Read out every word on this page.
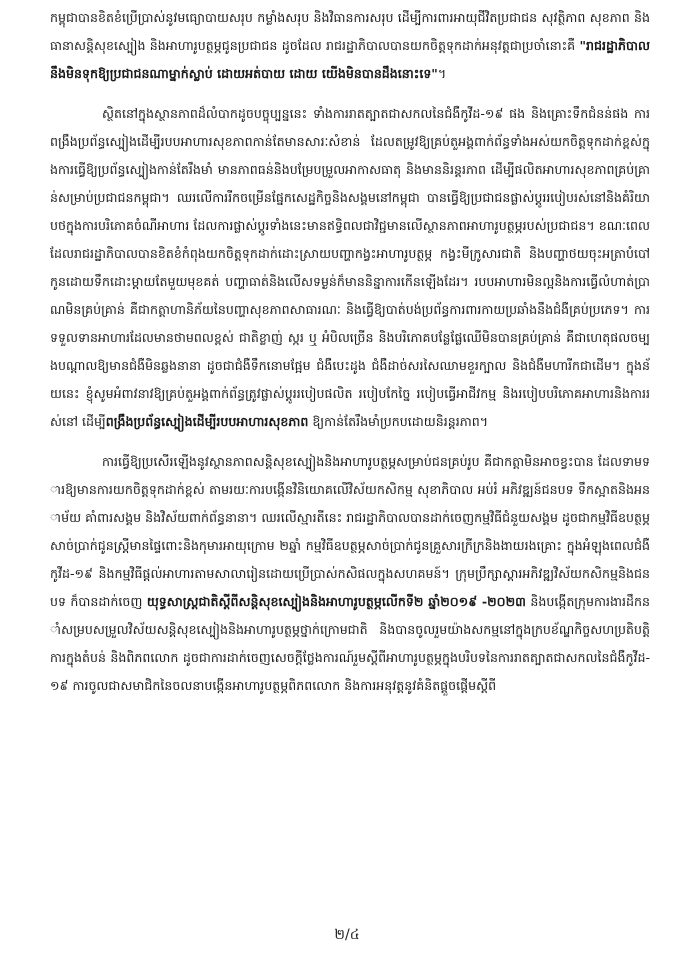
កម្ពុជាបានខិតខំប្រើប្រាស់នូវមធ្យោបាយសរុប កម្លាំងសរុប និងវិធានការសរុប ដើម្បីការពារអាយុជីវិតប្រជាជន សុវត្ថិភាព សុខភាព និងធានាសន្តិសុខស្បៀង និងអាហារូបត្ថម្ភជូនប្រជាជន ដូចដែល រាជរដ្ឋាភិបាលបានយកចិត្តទុកដាក់អនុវត្តជាប្រចាំនោះគឺ "រាជរដ្ឋាភិបាលនឹងមិនទុកឱ្យប្រជាជនណាម្នាក់ស្លាប់ ដោយអត់បាយ ដោយ យើងមិនបានដឹងនោះទេ"។

ស្ថិតនៅក្នុងស្ថានភាពដ៏លំបាកដូចបច្ចុប្បន្ននេះ ទាំងការរាតត្បាតជាសកលនៃជំងឺកូវីដ-១៩ ផង និងគ្រោះទឹកជំនន់ផង ការពង្រឹងប្រព័ន្ធស្បៀងដើម្បីរបបអាហារសុខភាពកាន់តែមានសារៈសំខាន់ ដែលតម្រូវឱ្យគ្រប់តួអង្គពាក់ព័ន្ធទាំងអស់យកចិត្តទុកដាក់ខ្ពស់ក្នុងការធ្វើឱ្យប្រព័ន្ធស្បៀងកាន់តែរឹងមាំ មានភាពធន់និងបម្រែបម្រួលអាកាសធាតុ និងមាននិរន្តរភាព ដើម្បីផលិតអាហារសុខភាពគ្រប់គ្រាន់សម្រាប់ប្រជាជនកម្ពុជា។ ឈរលើការរីកចម្រើនផ្នែកសេដ្ឋកិច្ចនិងសង្គមនៅកម្ពុជា បានធ្វើឱ្យប្រជាជនផ្លាស់ប្តូររបៀបរស់នៅនិងគំរិយាបថក្នុងការបរិភោគចំណីអាហារ ដែលការផ្លាស់ប្តូរទាំងនេះមានឥទ្ធិពលជាវិជ្ជមានលើស្ថានភាពអាហារូបត្ថម្ភរបស់ប្រជាជន។ ខណៈពេលដែលរាជរដ្ឋាភិបាលបានខិតខំកំពុងយកចិត្តទុកដាក់ដោះស្រាយបញ្ហាកង្វះអាហារូបត្ថម្ភ កង្វះមីក្រូសារជាតិ និងបញ្ហាថយចុះអត្រាបំបៅកូនដោយទឹកដោះម្តាយតែមួយមុខគត់ បញ្ហាធាត់និងលើសទម្ងន់ក៏មាននិន្នាការកើនឡើងដែរ។ របបអាហារមិនល្អនិងការធ្វើលំហាត់ប្រាណមិនគ្រប់គ្រាន់ គឺជាកត្តាហានិភ័យនៃបញ្ហាសុខភាពសាធារណៈ និងធ្វើឱ្យបាត់បង់ប្រព័ន្ធការពារកាយប្រឆាំងនឹងជំងឺគ្រប់ប្រភេទ។ ការទទួលទានអាហារដែលមានថាមពលខ្ពស់ ជាតិខ្លាញ់ ស្ករ ឬ អំបិលច្រើន និងបរិភោគបន្លែផ្លែឈើមិនបានគ្រប់គ្រាន់ គឺជាហេតុផលចម្បងបណ្តាលឱ្យមានជំងឺមិនឆ្លងនានា ដូចជាជំងឺទឹកនោមផ្អែម ជំងឺបេះដូង ជំងឺដាច់សរសៃឈាមខួរក្បាល និងជំងឺមហារីកជាដើម។ ក្នុងន័យនេះ ខ្ញុំសូមអំពាវនាវឱ្យគ្រប់តួអង្គពាក់ព័ន្ធត្រូវផ្លាស់ប្តូររបៀបផលិត របៀបកែច្នៃ របៀបធ្វើអាជីវកម្ម និងរបៀបបរិភោគអាហារនិងការរស់នៅ ដើម្បីពង្រឹងប្រព័ន្ធស្បៀងដើម្បីរបបអាហារសុខភាព ឱ្យកាន់តែរឹងមាំប្រកបដោយនិរន្តរភាព។

ការធ្វើឱ្យប្រសើរឡើងនូវស្ថានភាពសន្តិសុខស្បៀងនិងអាហារូបត្ថម្ភសម្រាប់ជនគ្រប់រូប គឺជាកត្តាមិនអាចខ្វះបាន ដែលទាមទារឱ្យមានការយកចិត្តទុកដាក់ខ្ពស់ តាមរយៈការបង្កើនវិនិយោគលើវិស័យកសិកម្ម សុខាភិបាល អប់រំ អភិវឌ្ឍន៍ជនបទ ទឹកស្អាតនិងអនាម័យ គាំពារសង្គម និងវិស័យពាក់ព័ន្ធនានា។ ឈរលើស្មារតីនេះ រាជរដ្ឋាភិបាលបានដាក់ចេញកម្មវិធីជំនួយសង្គម ដូចជាកម្មវិធីឧបត្ថម្ភសាច់ប្រាក់ជូនស្ត្រីមានផ្ទៃពោះនិងកុមារអាយុក្រោម ២ឆ្នាំ កម្មវិធីឧបត្ថម្ភសាច់ប្រាក់ជូនគ្រួសារក្រីក្រនិងងាយរងគ្រោះ ក្នុងអំឡុងពេលជំងឺកូវីដ-១៩ និងកម្មវិធីផ្តល់អាហារតាមសាលារៀនដោយប្រើប្រាស់កសិផលក្នុងសហគមន៍។ ក្រុមប្រឹក្សាស្តារអភិវឌ្ឍវិស័យកសិកម្មនិងជនបទ ក៏បានដាក់ចេញ យុទ្ធសាស្ត្រជាតិស្តីពីសន្តិសុខស្បៀងនិងអាហារូបត្ថម្ភលើកទី២ ឆ្នាំ២០១៩ -២០២៣ និងបង្កើតក្រុមការងារដឹកនាំសម្របសម្រួលវិស័យសន្តិសុខស្បៀងនិងអាហារូបត្ថម្ភថ្នាក់ក្រោមជាតិ និងបានចូលរួមយ៉ាងសកម្មនៅក្នុងក្របខ័ណ្ឌកិច្ចសហប្រតិបត្តិការក្នុងតំបន់ និងពិភពលោក ដូចជាការដាក់ចេញសេចក្តីថ្លែងការណ៍រួមស្តីពីអាហារូបត្ថម្ភក្នុងបរិបទនៃការរាតត្បាតជាសកលនៃជំងឺកូវីដ-១៩ ការចូលជាសមាជិកនៃចលនាបង្កើនអាហារូបត្ថម្ភពិភពលោក និងការអនុវត្តនូវគំនិតផ្តួចផ្តើមស្តីពី

២/៤
